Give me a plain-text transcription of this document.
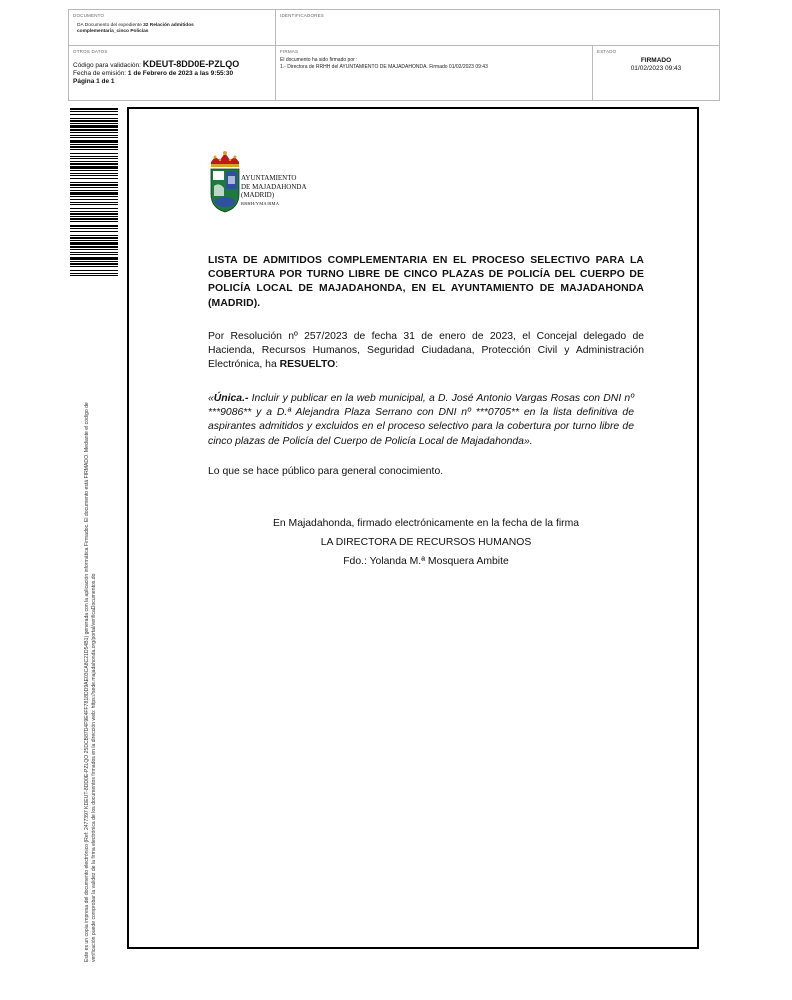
DOCUMENTO
DA Documento del expediente 32 Relación admitidos
complementaria_cinco Policías
IDENTIFICADORES
OTROS DATOS
Código para validación: KDEUT-8DD0E-PZLQO
Fecha de emisión: 1 de Febrero de 2023 a las 9:55:30
Página 1 de 1
FIRMAS
El documento ha sido firmado por :
1.- Directora de RRHH del AYUNTAMIENTO DE MAJADAHONDA. Firmado 01/02/2023 09:43
ESTADO
FIRMADO
01/02/2023 09:43
Este es un copia impresa del documento electrónico (Ref: 2477397 KDEUT-8DD0E-PZLQO 25DCB87D4F9E4FF7818DD9AE03CA8C21D54B1) generada con la aplicación informática Firmadoc. El documento está FIRMADO. Mediante el código de verificación puede comprobar la validez de la firma electrónica de los documentos firmados en la dirección web: https://sede.majadahonda.org/portal/verificaDocumentos.do
AYUNTAMIENTO
DE MAJADAHONDA
(MADRID)
RRHH/YMA/BMA
LISTA DE ADMITIDOS COMPLEMENTARIA EN EL PROCESO SELECTIVO PARA LA COBERTURA POR TURNO LIBRE DE CINCO PLAZAS DE POLICÍA DEL CUERPO DE POLICÍA LOCAL DE MAJADAHONDA, EN EL AYUNTAMIENTO DE MAJADAHONDA (MADRID).
Por Resolución nº 257/2023 de fecha 31 de enero de 2023, el Concejal delegado de Hacienda, Recursos Humanos, Seguridad Ciudadana, Protección Civil y Administración Electrónica, ha RESUELTO:
«Única.- Incluir y publicar en la web municipal, a D. José Antonio Vargas Rosas con DNI nº ***9086** y a D.ª Alejandra Plaza Serrano con DNI nº ***0705** en la lista definitiva de aspirantes admitidos y excluidos en el proceso selectivo para la cobertura por turno libre de cinco plazas de Policía del Cuerpo de Policía Local de Majadahonda».
Lo que se hace público para general conocimiento.
En Majadahonda, firmado electrónicamente en la fecha de la firma
LA DIRECTORA DE RECURSOS HUMANOS
Fdo.: Yolanda M.ª Mosquera Ambite
